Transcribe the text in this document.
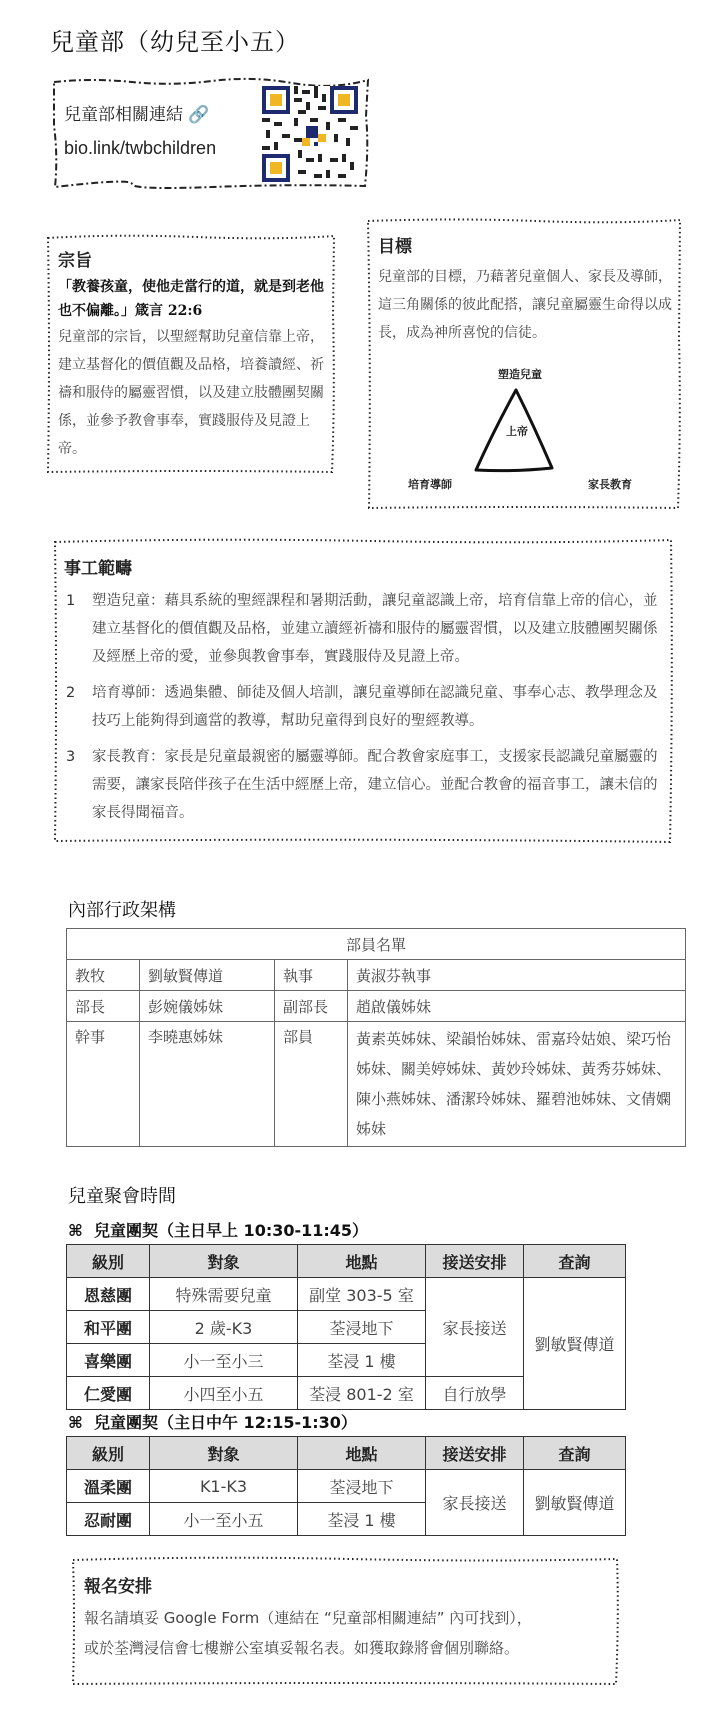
兒童部（幼兒至小五）
兒童部相關連結 🔗
bio.link/twbchildren
宗旨
「教養孩童，使他走當行的道，就是到老他也不偏離。」箴言 22:6
兒童部的宗旨，以聖經幫助兒童信靠上帝，建立基督化的價值觀及品格，培養讀經、祈禱和服侍的屬靈習慣，以及建立肢體團契關係，並參予教會事奉，實踐服侍及見證上帝。
目標
兒童部的目標，乃藉著兒童個人、家長及導師，這三角關係的彼此配搭，讓兒童屬靈生命得以成長，成為神所喜悅的信徒。
塑造兒童
上帝
培育導師	家長教育
事工範疇
1 塑造兒童：藉具系統的聖經課程和暑期活動，讓兒童認識上帝，培育信靠上帝的信心，並建立基督化的價值觀及品格，並建立讀經祈禱和服侍的屬靈習慣，以及建立肢體團契關係及經歷上帝的愛，並參與教會事奉，實踐服侍及見證上帝。
2 培育導師：透過集體、師徒及個人培訓，讓兒童導師在認識兒童、事奉心志、教學理念及技巧上能夠得到適當的教導，幫助兒童得到良好的聖經教導。
3 家長教育：家長是兒童最親密的屬靈導師。配合教會家庭事工，支援家長認識兒童屬靈的需要，讓家長陪伴孩子在生活中經歷上帝，建立信心。並配合教會的福音事工，讓未信的家長得聞福音。
內部行政架構
部員名單			
教牧	劉敏賢傳道	執事	黃淑芬執事
部長	彭婉儀姊妹	副部長	趙啟儀姊妹
幹事	李曉惠姊妹	部員	黃素英姊妹、梁韻怡姊妹、雷嘉玲姑娘、梁巧怡姊妹、關美婷姊妹、黃妙玲姊妹、黃秀芬姊妹、陳小燕姊妹、潘潔玲姊妹、羅碧池姊妹、文倩嫻姊妹
兒童聚會時間
⌘ 兒童團契（主日早上 10:30-11:45）
級別	對象	地點	接送安排	查詢
恩慈團	特殊需要兒童	副堂 303-5 室	家長接送	劉敏賢傳道
和平團	2 歲-K3	荃浸地下		
喜樂團	小一至小三	荃浸 1 樓		
仁愛團	小四至小五	荃浸 801-2 室	自行放學	
⌘ 兒童團契（主日中午 12:15-1:30）
級別	對象	地點	接送安排	查詢
溫柔團	K1-K3	荃浸地下	家長接送	劉敏賢傳道
忍耐團	小一至小五	荃浸 1 樓		
報名安排
報名請填妥 Google Form（連結在 “兒童部相關連結” 內可找到），
或於荃灣浸信會七樓辦公室填妥報名表。如獲取錄將會個別聯絡。
